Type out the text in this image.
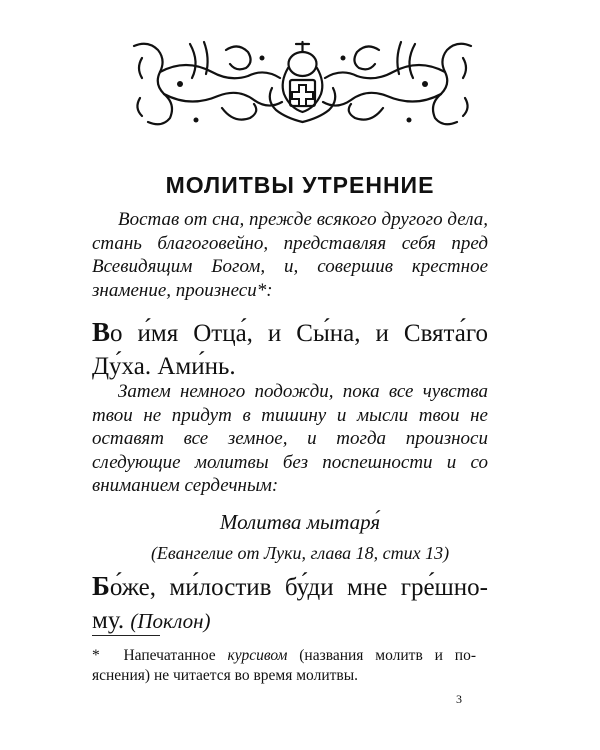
МОЛИТВЫ УТРЕННИЕ

Востав от сна, прежде всякого другого дела, стань благоговейно, представляя себя пред Всевидящим Богом, и, совершив крестное знамение, произнеси*:

Во и́мя Отца́, и Сы́на, и Свята́го Ду́ха. Ами́нь.

Затем немного подожди, пока все чувства твои не придут в тишину и мысли твои не оставят все земное, и тогда произноси следующие молитвы без поспешности и со вниманием сердечным:

Молитва мытаря́
(Евангелие от Луки, глава 18, стих 13)

Бо́же, ми́лостив бу́ди мне гре́шно-му. (Поклон)

* Напечатанное курсивом (названия молитв и по-яснения) не читается во время молитвы.

3
